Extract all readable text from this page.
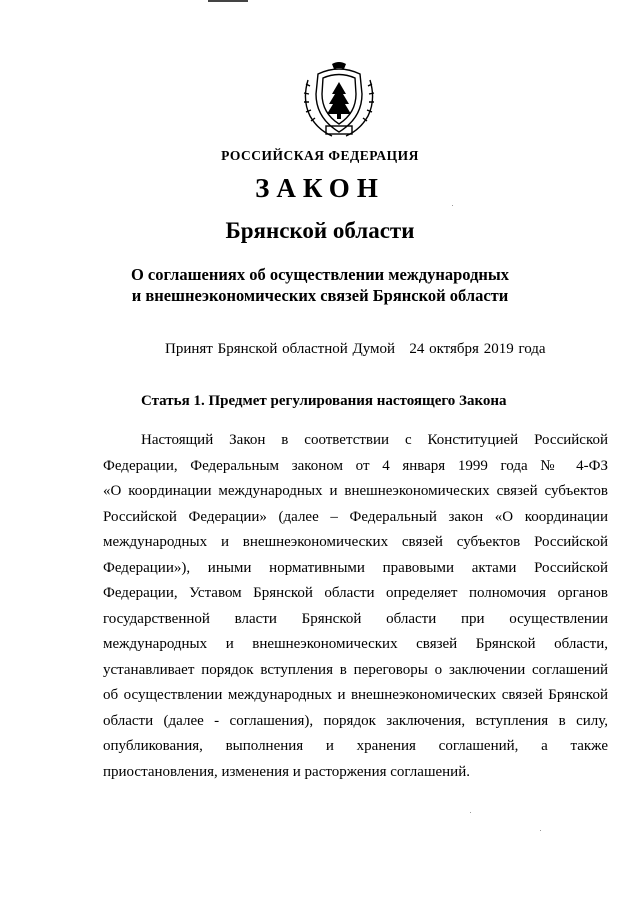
РОССИЙСКАЯ ФЕДЕРАЦИЯ
ЗАКОН
Брянской области
О соглашениях об осуществлении международных
и внешнеэкономических связей Брянской области
Принят Брянской областной Думой   24 октября 2019 года
Статья 1. Предмет регулирования настоящего Закона
Настоящий Закон в соответствии с Конституцией Российской
Федерации, Федеральным законом от 4 января 1999 года № 4-ФЗ
«О координации международных и внешнеэкономических связей субъектов
Российской Федерации» (далее – Федеральный закон «О координации
международных и внешнеэкономических связей субъектов Российской
Федерации»), иными нормативными правовыми актами Российской
Федерации, Уставом Брянской области определяет полномочия органов
государственной власти Брянской области при осуществлении
международных и внешнеэкономических связей Брянской области,
устанавливает порядок вступления в переговоры о заключении соглашений
об осуществлении международных и внешнеэкономических связей Брянской
области (далее - соглашения), порядок заключения, вступления в силу,
опубликования, выполнения и хранения соглашений, а также
приостановления, изменения и расторжения соглашений.
